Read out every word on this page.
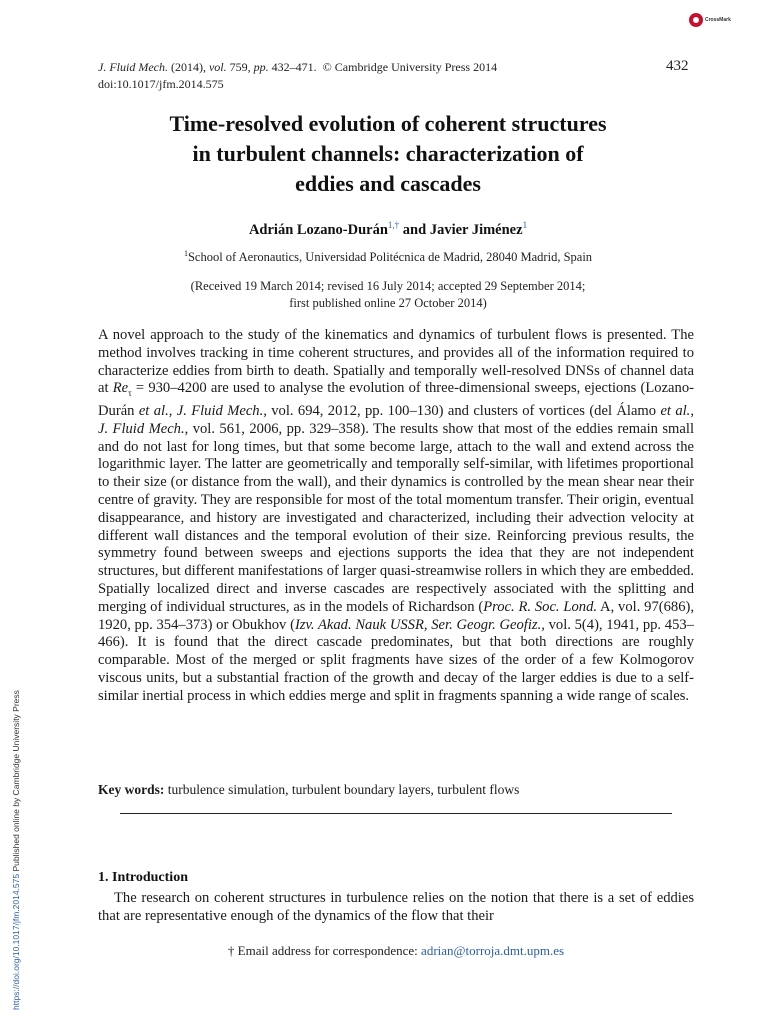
CrossMark
J. Fluid Mech. (2014), vol. 759, pp. 432–471. © Cambridge University Press 2014
doi:10.1017/jfm.2014.575
432
Time-resolved evolution of coherent structures
in turbulent channels: characterization of
eddies and cascades
Adrián Lozano-Durán$^{1,\dagger}$ and Javier Jiménez$^1$
$^1$School of Aeronautics, Universidad Politécnica de Madrid, 28040 Madrid, Spain
(Received 19 March 2014; revised 16 July 2014; accepted 29 September 2014;
first published online 27 October 2014)
A novel approach to the study of the kinematics and dynamics of turbulent flows is presented. The method involves tracking in time coherent structures, and provides all of the information required to characterize eddies from birth to death. Spatially and temporally well-resolved DNSs of channel data at $Re_\tau = 930-4200$ are used to analyse the evolution of three-dimensional sweeps, ejections (Lozano-Durán et al., J. Fluid Mech., vol. 694, 2012, pp. 100–130) and clusters of vortices (del Álamo et al., J. Fluid Mech., vol. 561, 2006, pp. 329–358). The results show that most of the eddies remain small and do not last for long times, but that some become large, attach to the wall and extend across the logarithmic layer. The latter are geometrically and temporally self-similar, with lifetimes proportional to their size (or distance from the wall), and their dynamics is controlled by the mean shear near their centre of gravity. They are responsible for most of the total momentum transfer. Their origin, eventual disappearance, and history are investigated and characterized, including their advection velocity at different wall distances and the temporal evolution of their size. Reinforcing previous results, the symmetry found between sweeps and ejections supports the idea that they are not independent structures, but different manifestations of larger quasi-streamwise rollers in which they are embedded. Spatially localized direct and inverse cascades are respectively associated with the splitting and merging of individual structures, as in the models of Richardson (Proc. R. Soc. Lond. A, vol. 97(686), 1920, pp. 354–373) or Obukhov (Izv. Akad. Nauk USSR, Ser. Geogr. Geofiz., vol. 5(4), 1941, pp. 453–466). It is found that the direct cascade predominates, but that both directions are roughly comparable. Most of the merged or split fragments have sizes of the order of a few Kolmogorov viscous units, but a substantial fraction of the growth and decay of the larger eddies is due to a self-similar inertial process in which eddies merge and split in fragments spanning a wide range of scales.
Key words: turbulence simulation, turbulent boundary layers, turbulent flows
1. Introduction
The research on coherent structures in turbulence relies on the notion that there is a set of eddies that are representative enough of the dynamics of the flow that their
† Email address for correspondence: adrian@torroja.dmt.upm.es
https://doi.org/10.1017/jfm.2014.575 Published online by Cambridge University Press
